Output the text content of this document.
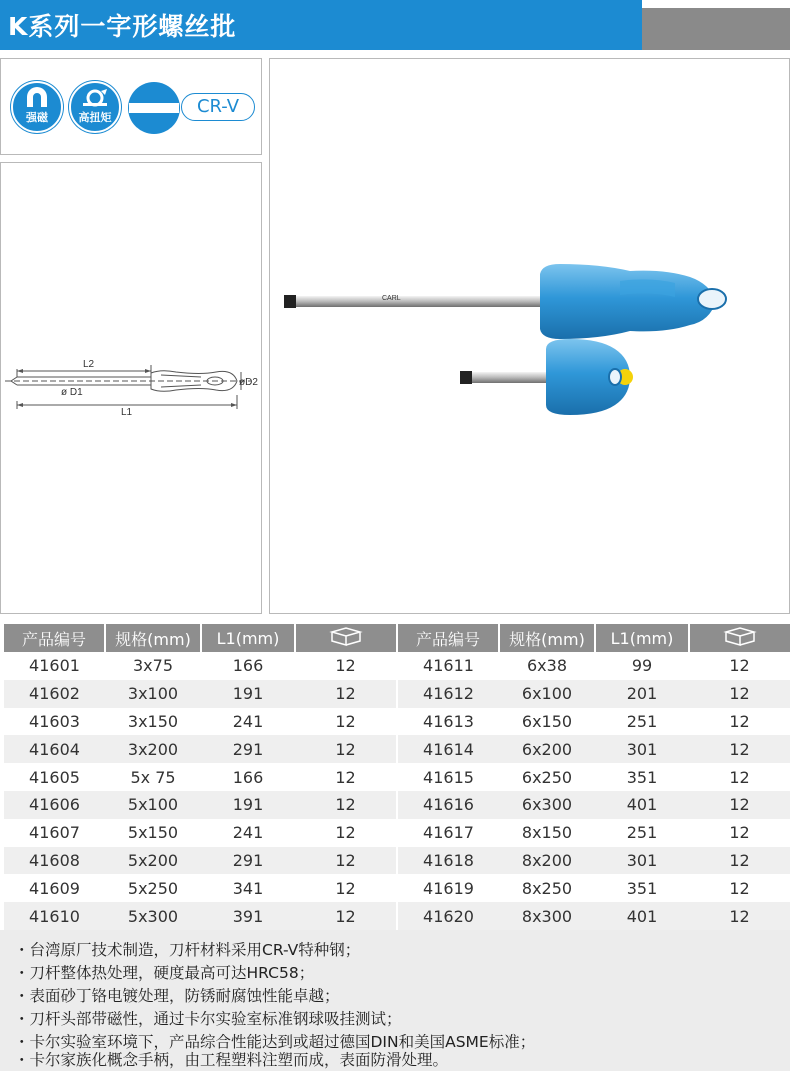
K系列一字形螺丝批
强磁	高扭矩
CR-V
L2
ø D1
øD2
L1
CARL
产品编号	规格(mm)	L1(mm)	
41601	3x75	166	12
41602	3x100	191	12
41603	3x150	241	12
41604	3x200	291	12
41605	5x 75	166	12
41606	5x100	191	12
41607	5x150	241	12
41608	5x200	291	12
41609	5x250	341	12
41610	5x300	391	12
产品编号	规格(mm)	L1(mm)	
41611	6x38	99	12
41612	6x100	201	12
41613	6x150	251	12
41614	6x200	301	12
41615	6x250	351	12
41616	6x300	401	12
41617	8x150	251	12
41618	8x200	301	12
41619	8x250	351	12
41620	8x300	401	12
・台湾原厂技术制造，刀杆材料采用CR-V特种钢；
・刀杆整体热处理，硬度最高可达HRC58；
・表面砂丁铬电镀处理，防锈耐腐蚀性能卓越；
・刀杆头部带磁性，通过卡尔实验室标准钢球吸挂测试；
・卡尔实验室环境下，产品综合性能达到或超过德国DIN和美国ASME标准；
・卡尔家族化概念手柄，由工程塑料注塑而成，表面防滑处理。
